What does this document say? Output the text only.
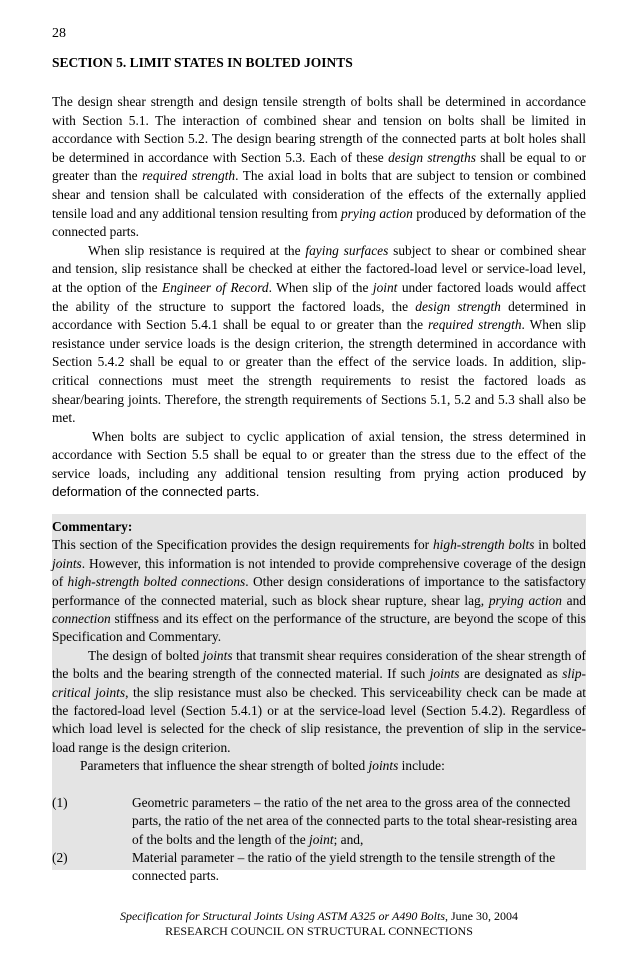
28
SECTION 5. LIMIT STATES IN BOLTED JOINTS

The design shear strength and design tensile strength of bolts shall be determined in accordance with Section 5.1. The interaction of combined shear and tension on bolts shall be limited in accordance with Section 5.2. The design bearing strength of the connected parts at bolt holes shall be determined in accordance with Section 5.3. Each of these design strengths shall be equal to or greater than the required strength. The axial load in bolts that are subject to tension or combined shear and tension shall be calculated with consideration of the effects of the externally applied tensile load and any additional tension resulting from prying action produced by deformation of the connected parts.

When slip resistance is required at the faying surfaces subject to shear or combined shear and tension, slip resistance shall be checked at either the factored-load level or service-load level, at the option of the Engineer of Record. When slip of the joint under factored loads would affect the ability of the structure to support the factored loads, the design strength determined in accordance with Section 5.4.1 shall be equal to or greater than the required strength. When slip resistance under service loads is the design criterion, the strength determined in accordance with Section 5.4.2 shall be equal to or greater than the effect of the service loads. In addition, slip-critical connections must meet the strength requirements to resist the factored loads as shear/bearing joints. Therefore, the strength requirements of Sections 5.1, 5.2 and 5.3 shall also be met.

When bolts are subject to cyclic application of axial tension, the stress determined in accordance with Section 5.5 shall be equal to or greater than the stress due to the effect of the service loads, including any additional tension resulting from prying action produced by deformation of the connected parts.

Commentary:

This section of the Specification provides the design requirements for high-strength bolts in bolted joints. However, this information is not intended to provide comprehensive coverage of the design of high-strength bolted connections. Other design considerations of importance to the satisfactory performance of the connected material, such as block shear rupture, shear lag, prying action and connection stiffness and its effect on the performance of the structure, are beyond the scope of this Specification and Commentary.

The design of bolted joints that transmit shear requires consideration of the shear strength of the bolts and the bearing strength of the connected material. If such joints are designated as slip-critical joints, the slip resistance must also be checked. This serviceability check can be made at the factored-load level (Section 5.4.1) or at the service-load level (Section 5.4.2). Regardless of which load level is selected for the check of slip resistance, the prevention of slip in the service-load range is the design criterion.

Parameters that influence the shear strength of bolted joints include:

(1)	Geometric parameters – the ratio of the net area to the gross area of the connected parts, the ratio of the net area of the connected parts to the total shear-resisting area of the bolts and the length of the joint; and,
(2)	Material parameter – the ratio of the yield strength to the tensile strength of the connected parts.
Specification for Structural Joints Using ASTM A325 or A490 Bolts, June 30, 2004
RESEARCH COUNCIL ON STRUCTURAL CONNECTIONS
